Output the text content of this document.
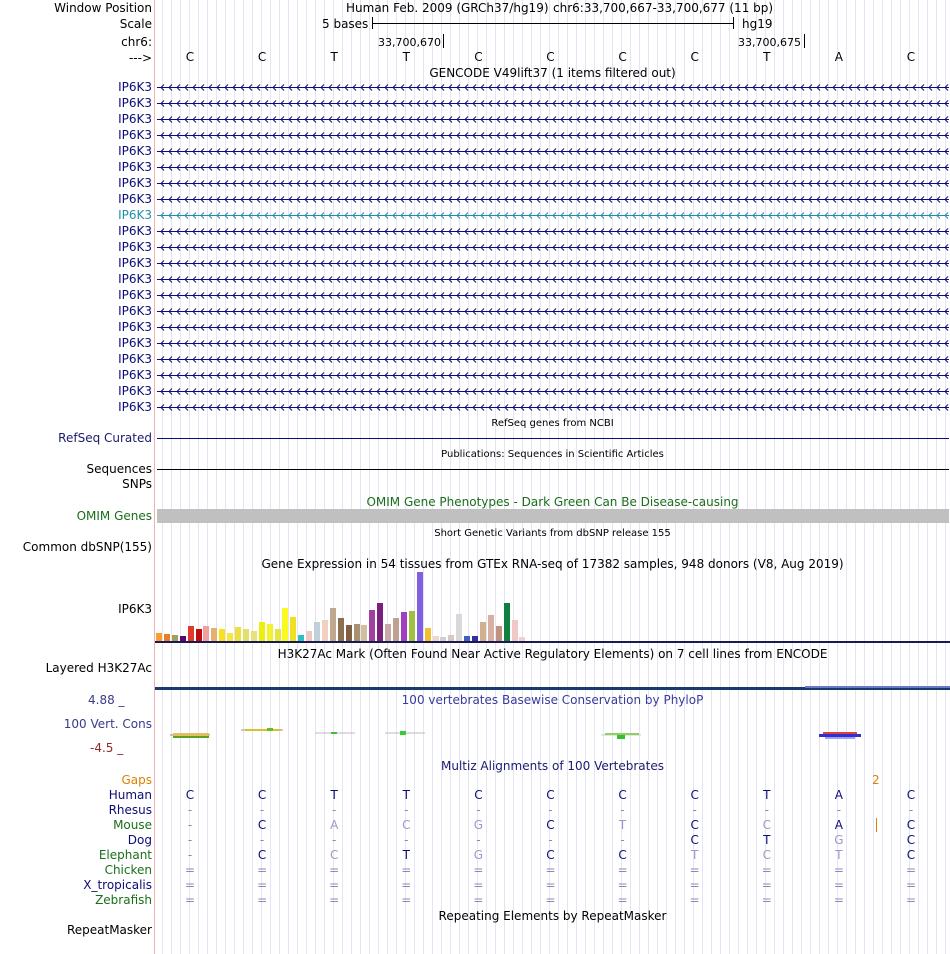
Window Position	Human Feb. 2009 (GRCh37/hg19) chr6:33,700,667-33,700,677 (11 bp)
Scale	5 bases	hg19
chr6:	33,700,670	33,700,675
--->	C	C	T	T	C	C	C	C	T	A	C
GENCODE V49lift37 (1 items filtered out)
IP6K3
IP6K3
IP6K3
IP6K3
IP6K3
IP6K3
IP6K3
IP6K3
IP6K3
IP6K3
IP6K3
IP6K3
IP6K3
IP6K3
IP6K3
IP6K3
IP6K3
IP6K3
IP6K3
IP6K3
IP6K3
RefSeq genes from NCBI
RefSeq Curated
Publications: Sequences in Scientific Articles
Sequences
SNPs
OMIM Gene Phenotypes - Dark Green Can Be Disease-causing
OMIM Genes
Short Genetic Variants from dbSNP release 155
Common dbSNP(155)
Gene Expression in 54 tissues from GTEx RNA-seq of 17382 samples, 948 donors (V8, Aug 2019)
IP6K3
H3K27Ac Mark (Often Found Near Active Regulatory Elements) on 7 cell lines from ENCODE
Layered H3K27Ac
4.88 _	100 vertebrates Basewise Conservation by PhyloP
100 Vert. Cons
-4.5 _
Multiz Alignments of 100 Vertebrates
Gaps	2
Human	C	C	T	T	C	C	C	C	T	A	C
Rhesus	-	-	-	-	-	-	-	-	-	-	-
Mouse	-	C	A	C	G	C	T	C	C	A	C
Dog	-	-	-	-	-	-	-	C	T	G	C
Elephant	-	C	C	T	G	C	C	T	C	T	C
Chicken	=	=	=	=	=	=	=	=	=	=	=
X_tropicalis	=	=	=	=	=	=	=	=	=	=	=
Zebrafish	=	=	=	=	=	=	=	=	=	=	=
Repeating Elements by RepeatMasker
RepeatMasker
